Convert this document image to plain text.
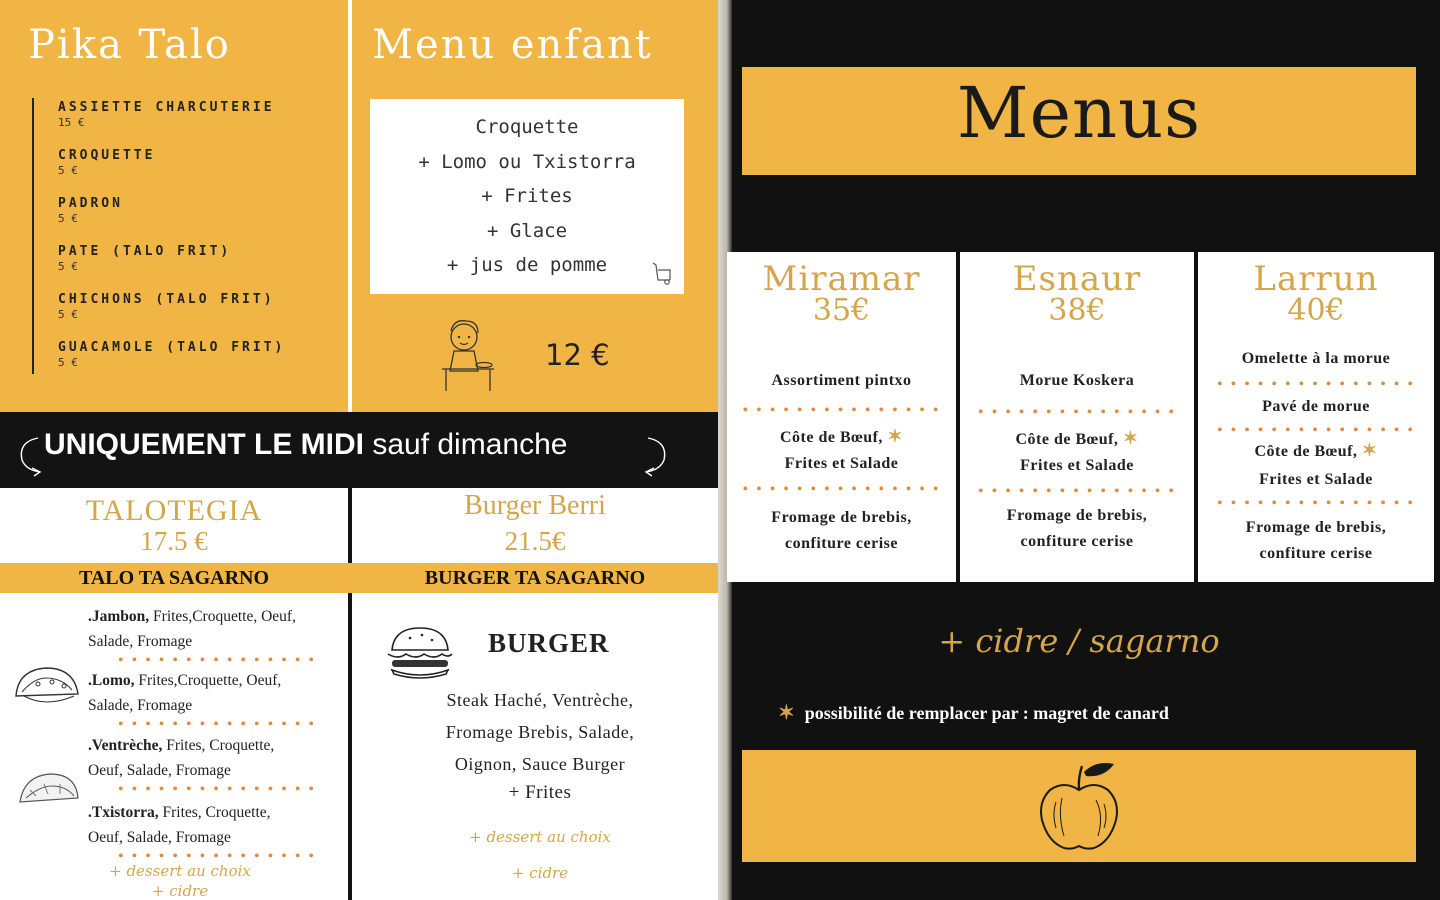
Pika Talo	Menu enfant
ASSIETTE CHARCUTERIE
15 €
CROQUETTE
5 €
PADRON
5 €
PATE (TALO FRIT)
5 €
CHICHONS (TALO FRIT)
5 €
GUACAMOLE (TALO FRIT)
5 €
Croquette
+ Lomo ou Txistorra
+ Frites
+ Glace
+ jus de pomme
12 €
UNIQUEMENT LE MIDI sauf dimanche
TALOTEGIA
17.5 €
Burger Berri
21.5€
TALO TA SAGARNO	BURGER TA SAGARNO
.Jambon, Frites,Croquette, Oeuf,
Salade, Fromage
• • • • • • • • • • • • • • •
.Lomo, Frites,Croquette, Oeuf,
Salade, Fromage
• • • • • • • • • • • • • • •
.Ventrèche, Frites, Croquette,
Oeuf, Salade, Fromage
• • • • • • • • • • • • • • •
.Txistorra, Frites, Croquette,
Oeuf, Salade, Fromage
• • • • • • • • • • • • • • •
+ dessert au choix
+ cidre
BURGER
Steak Haché, Ventrèche,
Fromage Brebis, Salade,
Oignon, Sauce Burger
+ Frites
+ dessert au choix
+ cidre
Menus
Miramar
35€
Assortiment pintxo
• • • • • • • • • • • • • • •
Côte de Bœuf, ✶
Frites et Salade
• • • • • • • • • • • • • • •
Fromage de brebis,
confiture cerise
Esnaur
38€
Morue Koskera
• • • • • • • • • • • • • • •
Côte de Bœuf, ✶
Frites et Salade
• • • • • • • • • • • • • • •
Fromage de brebis,
confiture cerise
Larrun
40€
Omelette à la morue
• • • • • • • • • • • • • • •
Pavé de morue
• • • • • • • • • • • • • • •
Côte de Bœuf, ✶
Frites et Salade
• • • • • • • • • • • • • • •
Fromage de brebis,
confiture cerise
+ cidre / sagarno
✶ possibilité de remplacer par : magret de canard
